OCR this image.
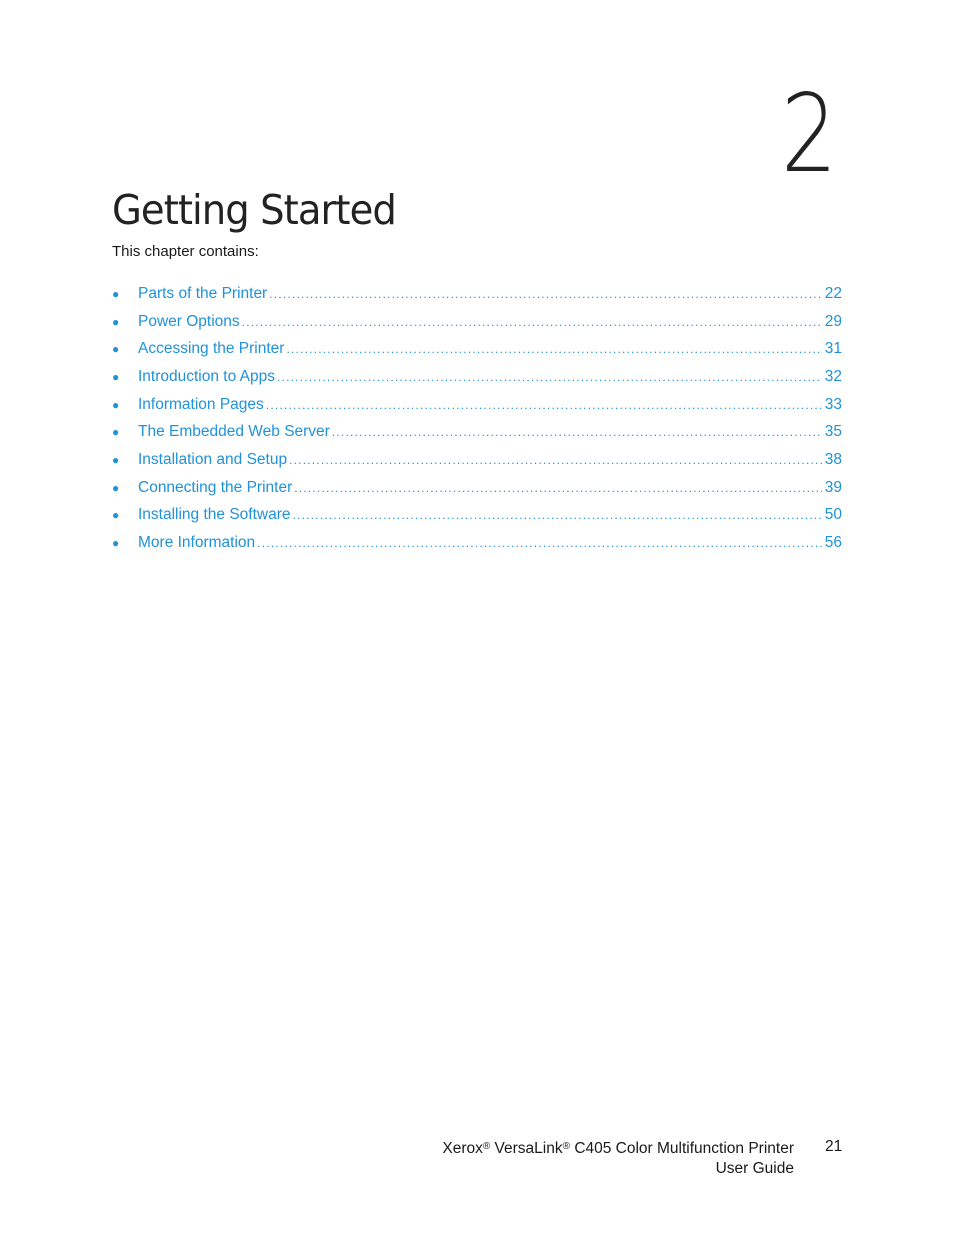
2
Getting Started
This chapter contains:
●	Parts of the Printer .....	22
●	Power Options .....	29
●	Accessing the Printer .....	31
●	Introduction to Apps .....	32
●	Information Pages .....	33
●	The Embedded Web Server .....	35
●	Installation and Setup .....	38
●	Connecting the Printer .....	39
●	Installing the Software .....	50
●	More Information .....	56
Xerox® VersaLink® C405 Color Multifunction Printer
User Guide
21
